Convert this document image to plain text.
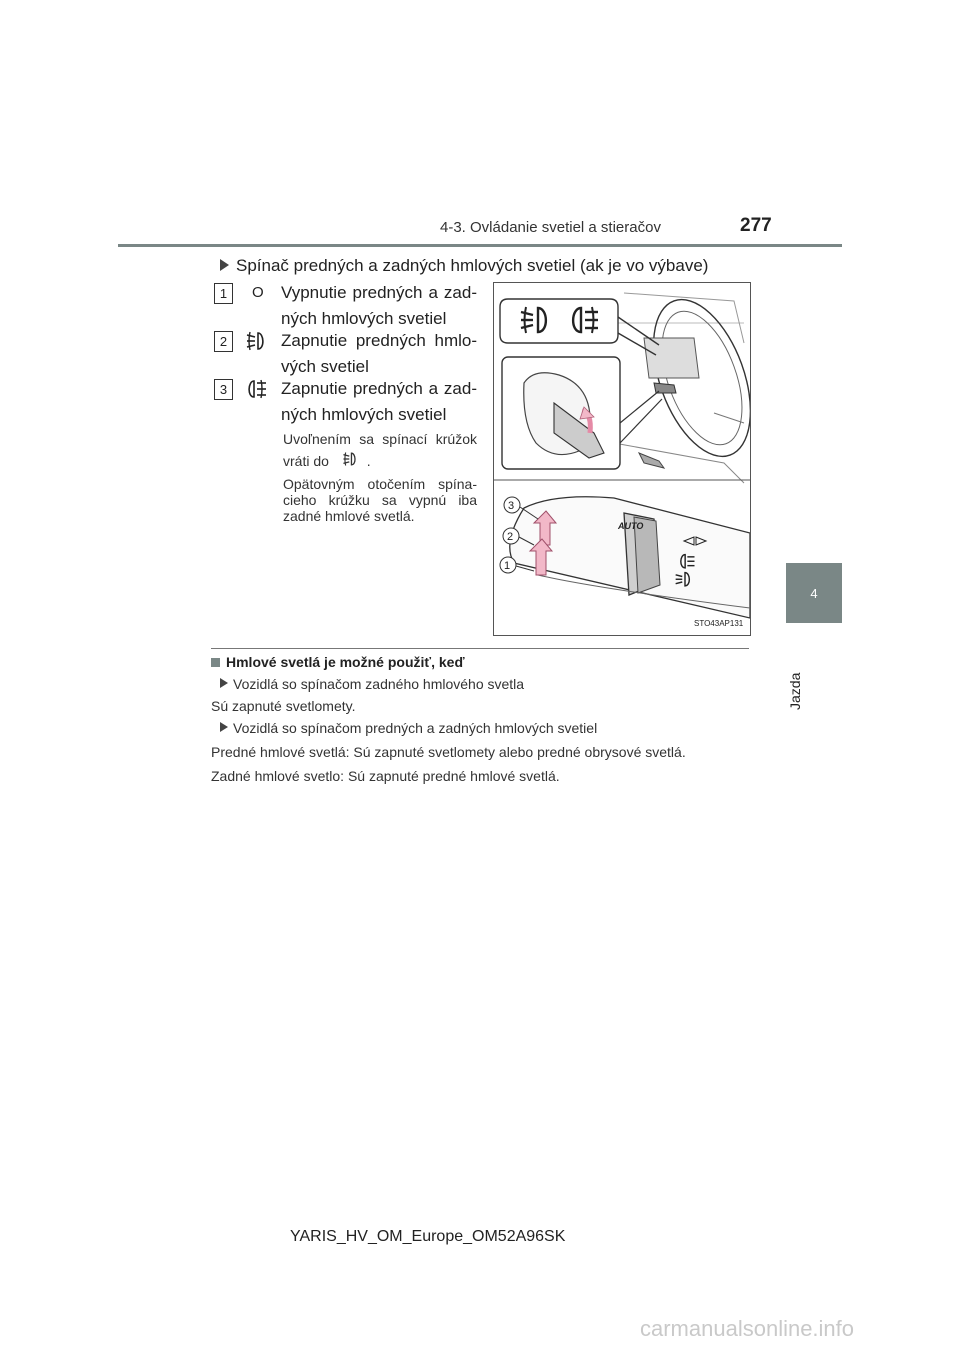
4-3. Ovládanie svetiel a stieračov	277
4
Jazda
Spínač predných a zadných hmlových svetiel (ak je vo výbave)
1	O Vypnutie predných a zad-
ných hmlových svetiel
2	Zapnutie predných hmlo-
vých svetiel
3	Zapnutie predných a zad-
ných hmlových svetiel
Uvoľnením sa spínací krúžok
vráti do	.
Opätovným otočením spína-
cieho krúžku sa vypnú iba
zadné hmlové svetlá.
AUTO
3
2
1
STO43AP131
Hmlové svetlá je možné použiť, keď
Vozidlá so spínačom zadného hmlového svetla
Sú zapnuté svetlomety.
Vozidlá so spínačom predných a zadných hmlových svetiel
Predné hmlové svetlá: Sú zapnuté svetlomety alebo predné obrysové svetlá.
Zadné hmlové svetlo: Sú zapnuté predné hmlové svetlá.
YARIS_HV_OM_Europe_OM52A96SK
carmanualsonline.info
